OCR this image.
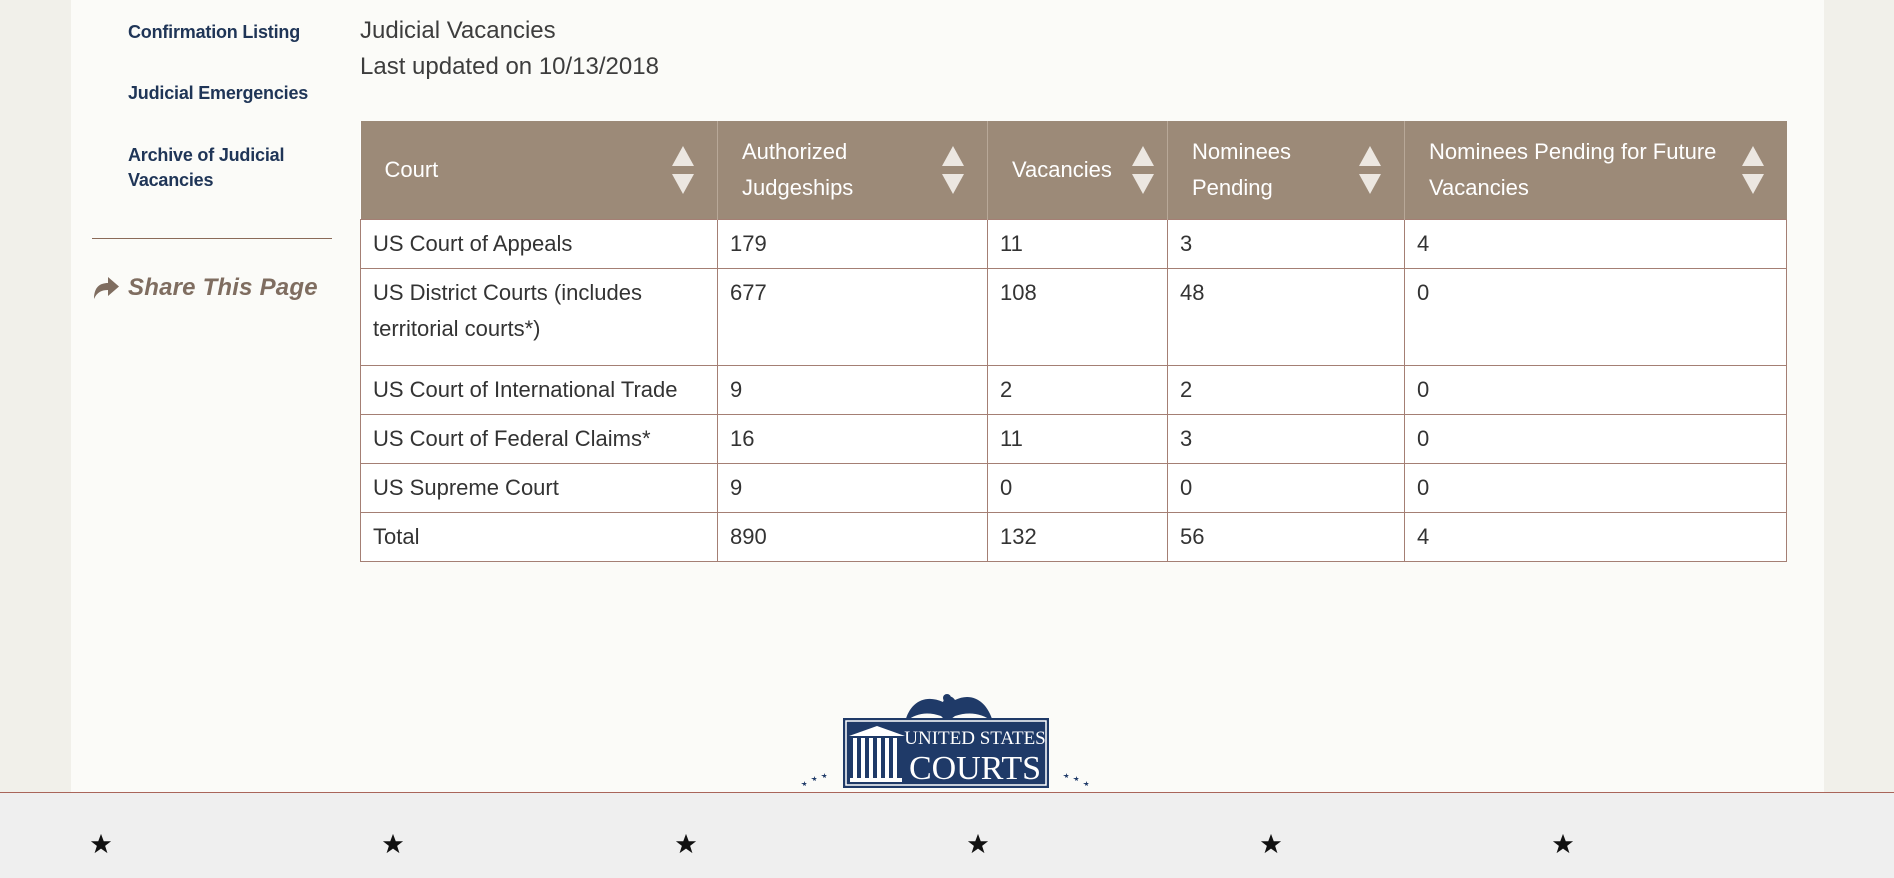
Confirmation Listing
Judicial Emergencies
Archive of Judicial Vacancies
Share This Page
Judicial Vacancies
Last updated on 10/13/2018
Court	Authorized Judgeships	Vacancies	Nominees Pending	Nominees Pending for Future Vacancies

US Court of Appeals	179	11	3	4
US District Courts (includes territorial courts*)	677	108	48	0
US Court of International Trade	9	2	2	0
US Court of Federal Claims*	16	11	3	0
US Supreme Court	9	0	0	0
Total	890	132	56	4
UNITED STATES
COURTS
